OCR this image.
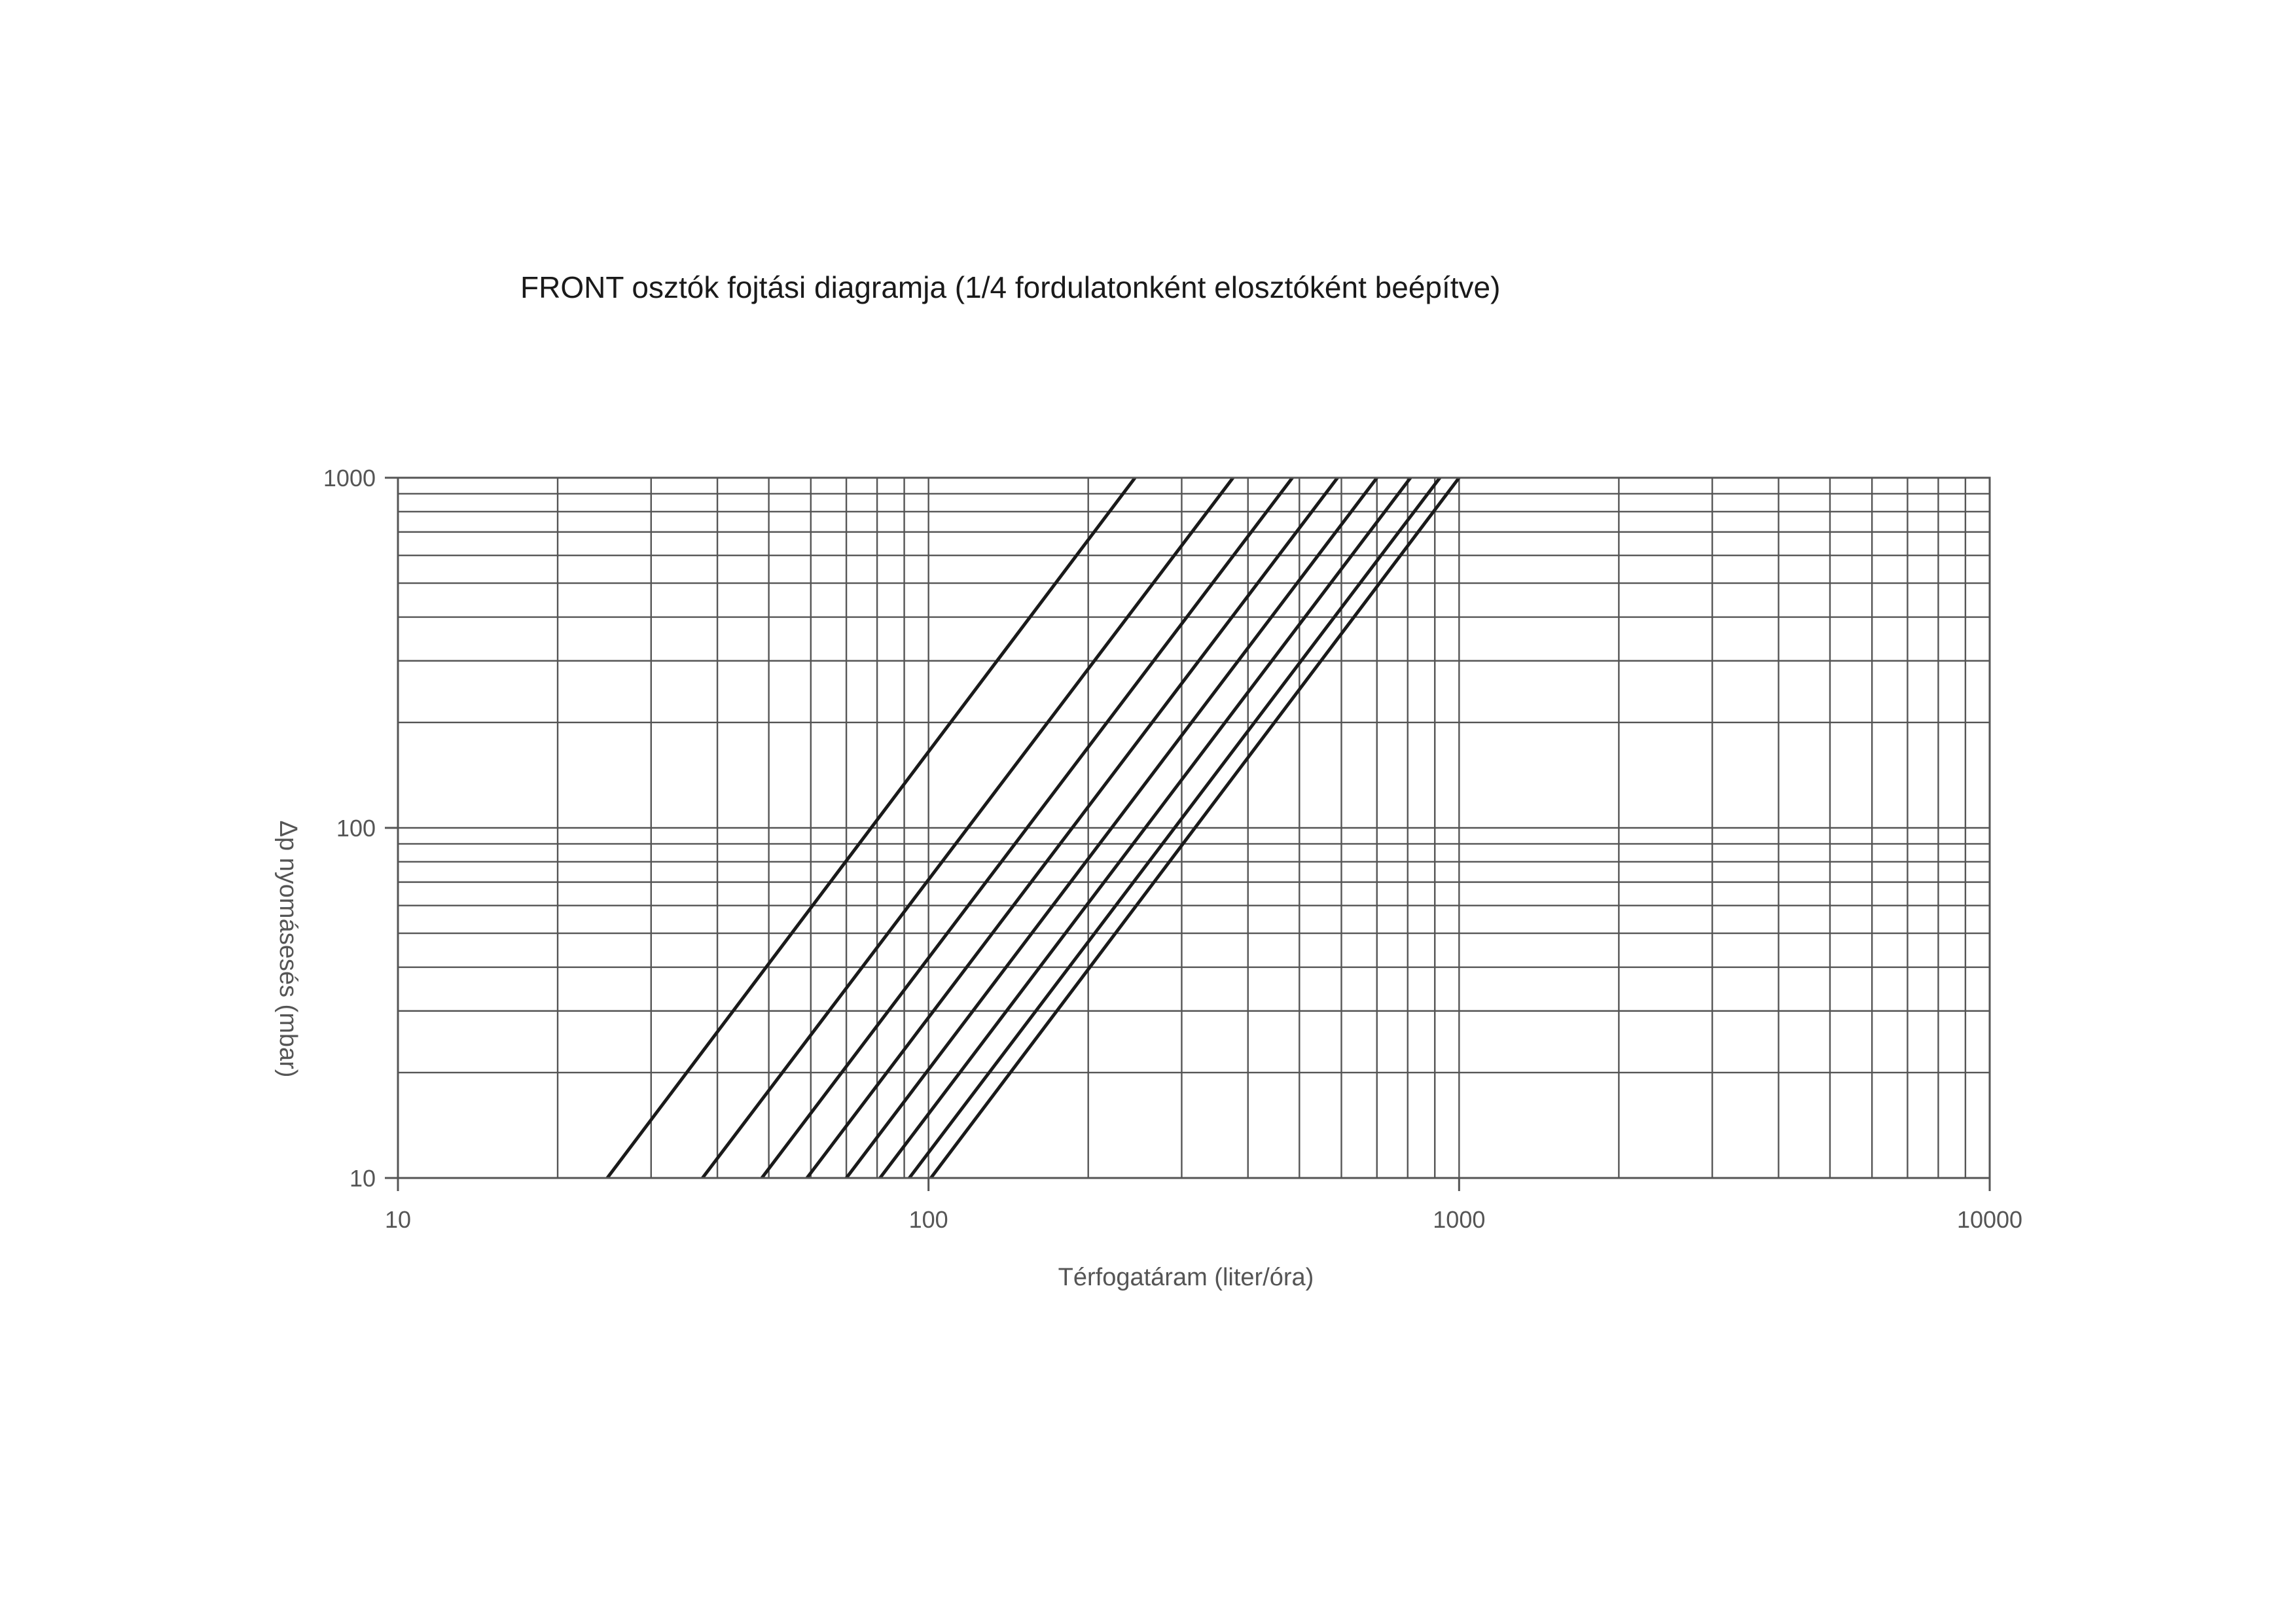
FRONT osztók fojtási diagramja (1/4 fordulatonként elosztóként beépítve)
10	100	1000	10000
10
100
1000
Térfogatáram (liter/óra)
Δp nyomásesés (mbar)
